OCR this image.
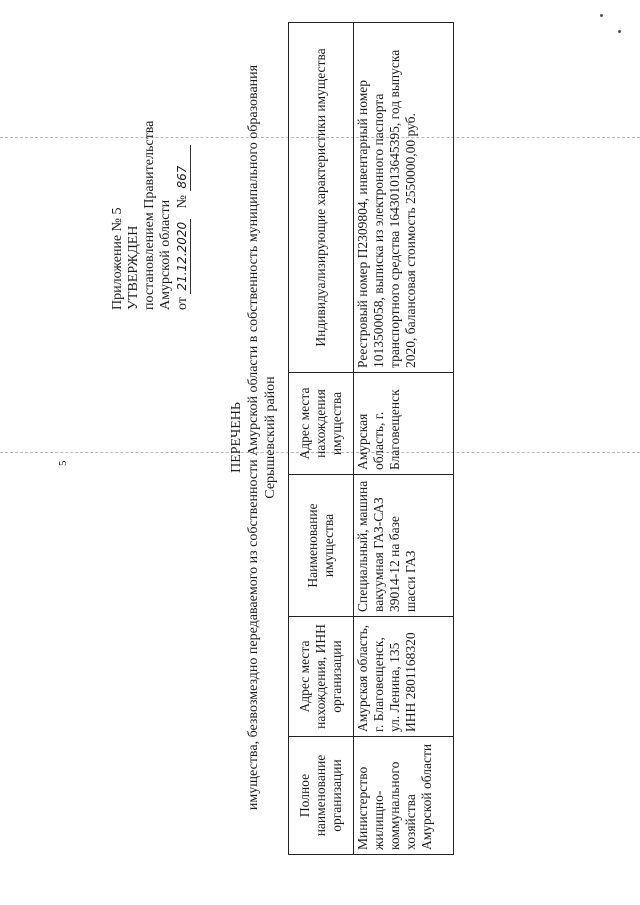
5
Приложение № 5 УТВЕРЖДЕН постановлением Правительства Амурской области от 21.12.2020   № 867
ПЕРЕЧЕНЬ имущества, безвозмездно передаваемого из собственности Амурской области в собственность муниципального образования Серышевский район
Полное наименование организации	Адрес места нахождения, ИНН организации	Наименование имущества	Адрес места нахождения имущества	Индивидуализирующие характеристики имущества
Министерство жилищно-коммунального хозяйства Амурской области	Амурская область, г. Благовещенск, ул. Ленина, 135 ИНН 2801168320	Специальный, машина вакуумная ГАЗ-САЗ 39014-12 на базе шасси ГАЗ	Амурская область, г. Благовещенск	Реестровый номер П2309804, инвентарный номер 1013500058, выписка из электронного паспорта транспортного средства 164301013645395, год выпуска 2020, балансовая стоимость 2550000,00 руб.
